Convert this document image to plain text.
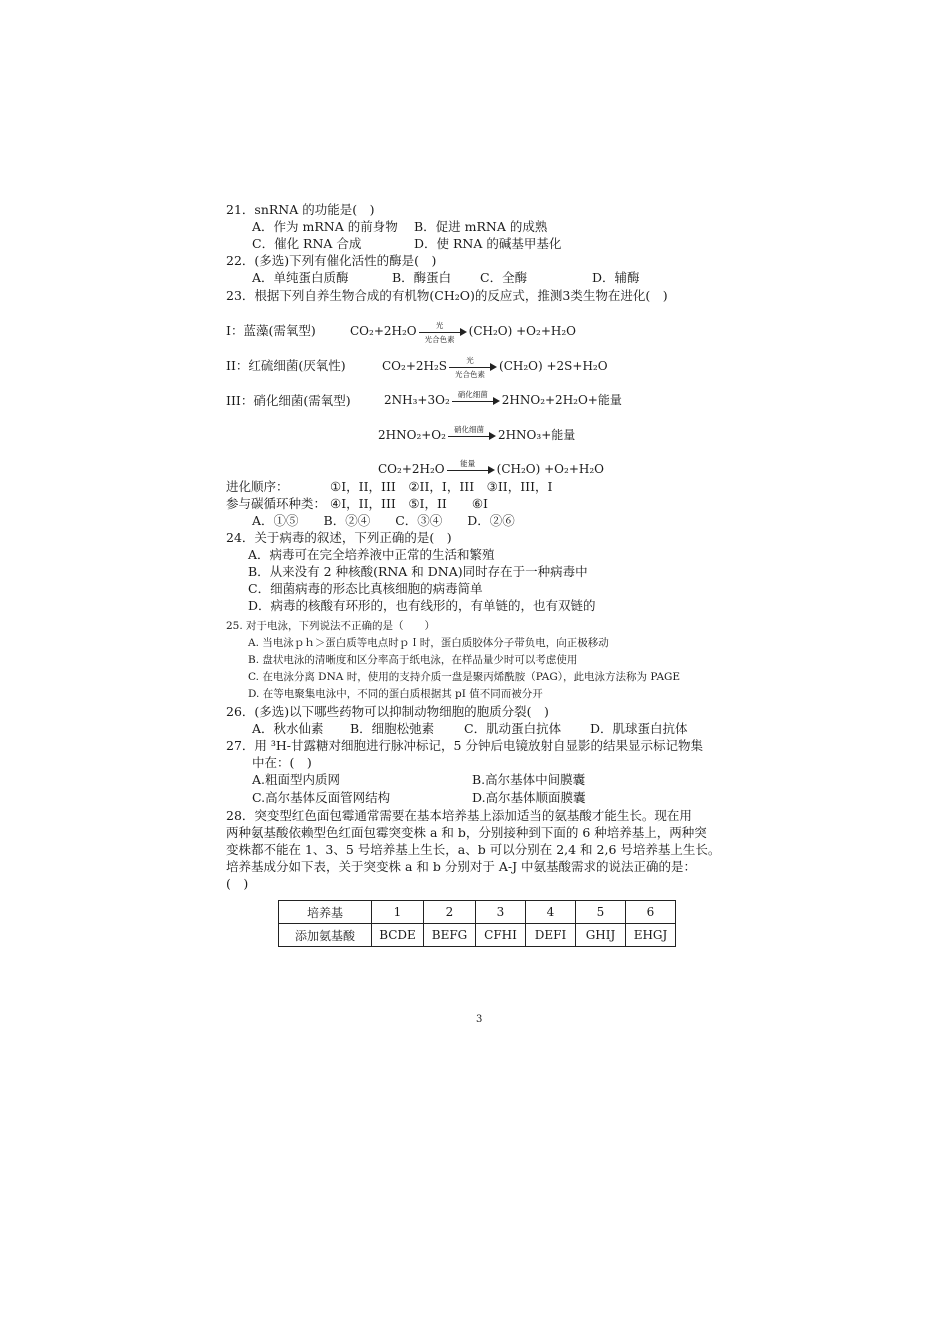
21．snRNA 的功能是(　)
A．作为 mRNA 的前身物 B．促进 mRNA 的成熟
C．催化 RNA 合成	D．使 RNA 的碱基甲基化
22．(多选)下列有催化活性的酶是(　)
A．单纯蛋白质酶	B．酶蛋白 C．全酶	D．辅酶
23．根据下列自养生物合成的有机物(CH₂O)的反应式，推测3类生物在进化(　)
I：蓝藻(需氧型)	CO₂+2H₂O	光
光合色素
(CH₂O) +O₂+H₂O
II：红硫细菌(厌氧性)	CO₂+2H₂S	光
光合色素
(CH₂O) +2S+H₂O
III：硝化细菌(需氧型)	2NH₃+3O₂	硝化细菌	2HNO₂+2H₂O+能量
2HNO₂+O₂	硝化细菌	2HNO₃+能量
CO₂+2H₂O	能量	(CH₂O) +O₂+H₂O
进化顺序：	①I，II，III　②II，I，III　③II，III，I
参与碳循环种类： ④I，II，III　⑤I，II　　⑥I
A．①⑤　　B．②④　　C．③④　　D．②⑥
24．关于病毒的叙述，下列正确的是(　)
A．病毒可在完全培养液中正常的生活和繁殖
B．从来没有 2 种核酸(RNA 和 DNA)同时存在于一种病毒中
C．细菌病毒的形态比真核细胞的病毒简单
D．病毒的核酸有环形的，也有线形的，有单链的，也有双链的
25. 对于电泳，下列说法不正确的是（　　）
A. 当电泳ｐｈ＞蛋白质等电点时ｐＩ时，蛋白质胶体分子带负电，向正极移动
B. 盘状电泳的清晰度和区分率高于纸电泳，在样品量少时可以考虑使用
C. 在电泳分离 DNA 时，使用的支持介质一盘是聚丙烯酰胺（PAG），此电泳方法称为 PAGE
D. 在等电聚集电泳中，不同的蛋白质根据其 pI 值不同而被分开
26．(多选)以下哪些药物可以抑制动物细胞的胞质分裂(　)
A．秋水仙素 B．细胞松弛素 C．肌动蛋白抗体 D．肌球蛋白抗体
27．用 ³H-甘露糖对细胞进行脉冲标记，5 分钟后电镜放射自显影的结果显示标记物集
中在：(　)
A.粗面型内质网	B.高尔基体中间膜囊
C.高尔基体反面管网结构	D.高尔基体顺面膜囊
28．突变型红色面包霉通常需要在基本培养基上添加适当的氨基酸才能生长。现在用
两种氨基酸依赖型色红面包霉突变株 a 和 b，分别接种到下面的 6 种培养基上，两种突
变株都不能在 1、3、5 号培养基上生长，a、b 可以分别在 2,4 和 2,6 号培养基上生长。
培养基成分如下表，关于突变株 a 和 b 分别对于 A-J 中氨基酸需求的说法正确的是：
(　)
培养基	1	2	3	4	5	6
添加氨基酸	BCDE	BEFG	CFHI	DEFI	GHIJ	EHGJ
3
